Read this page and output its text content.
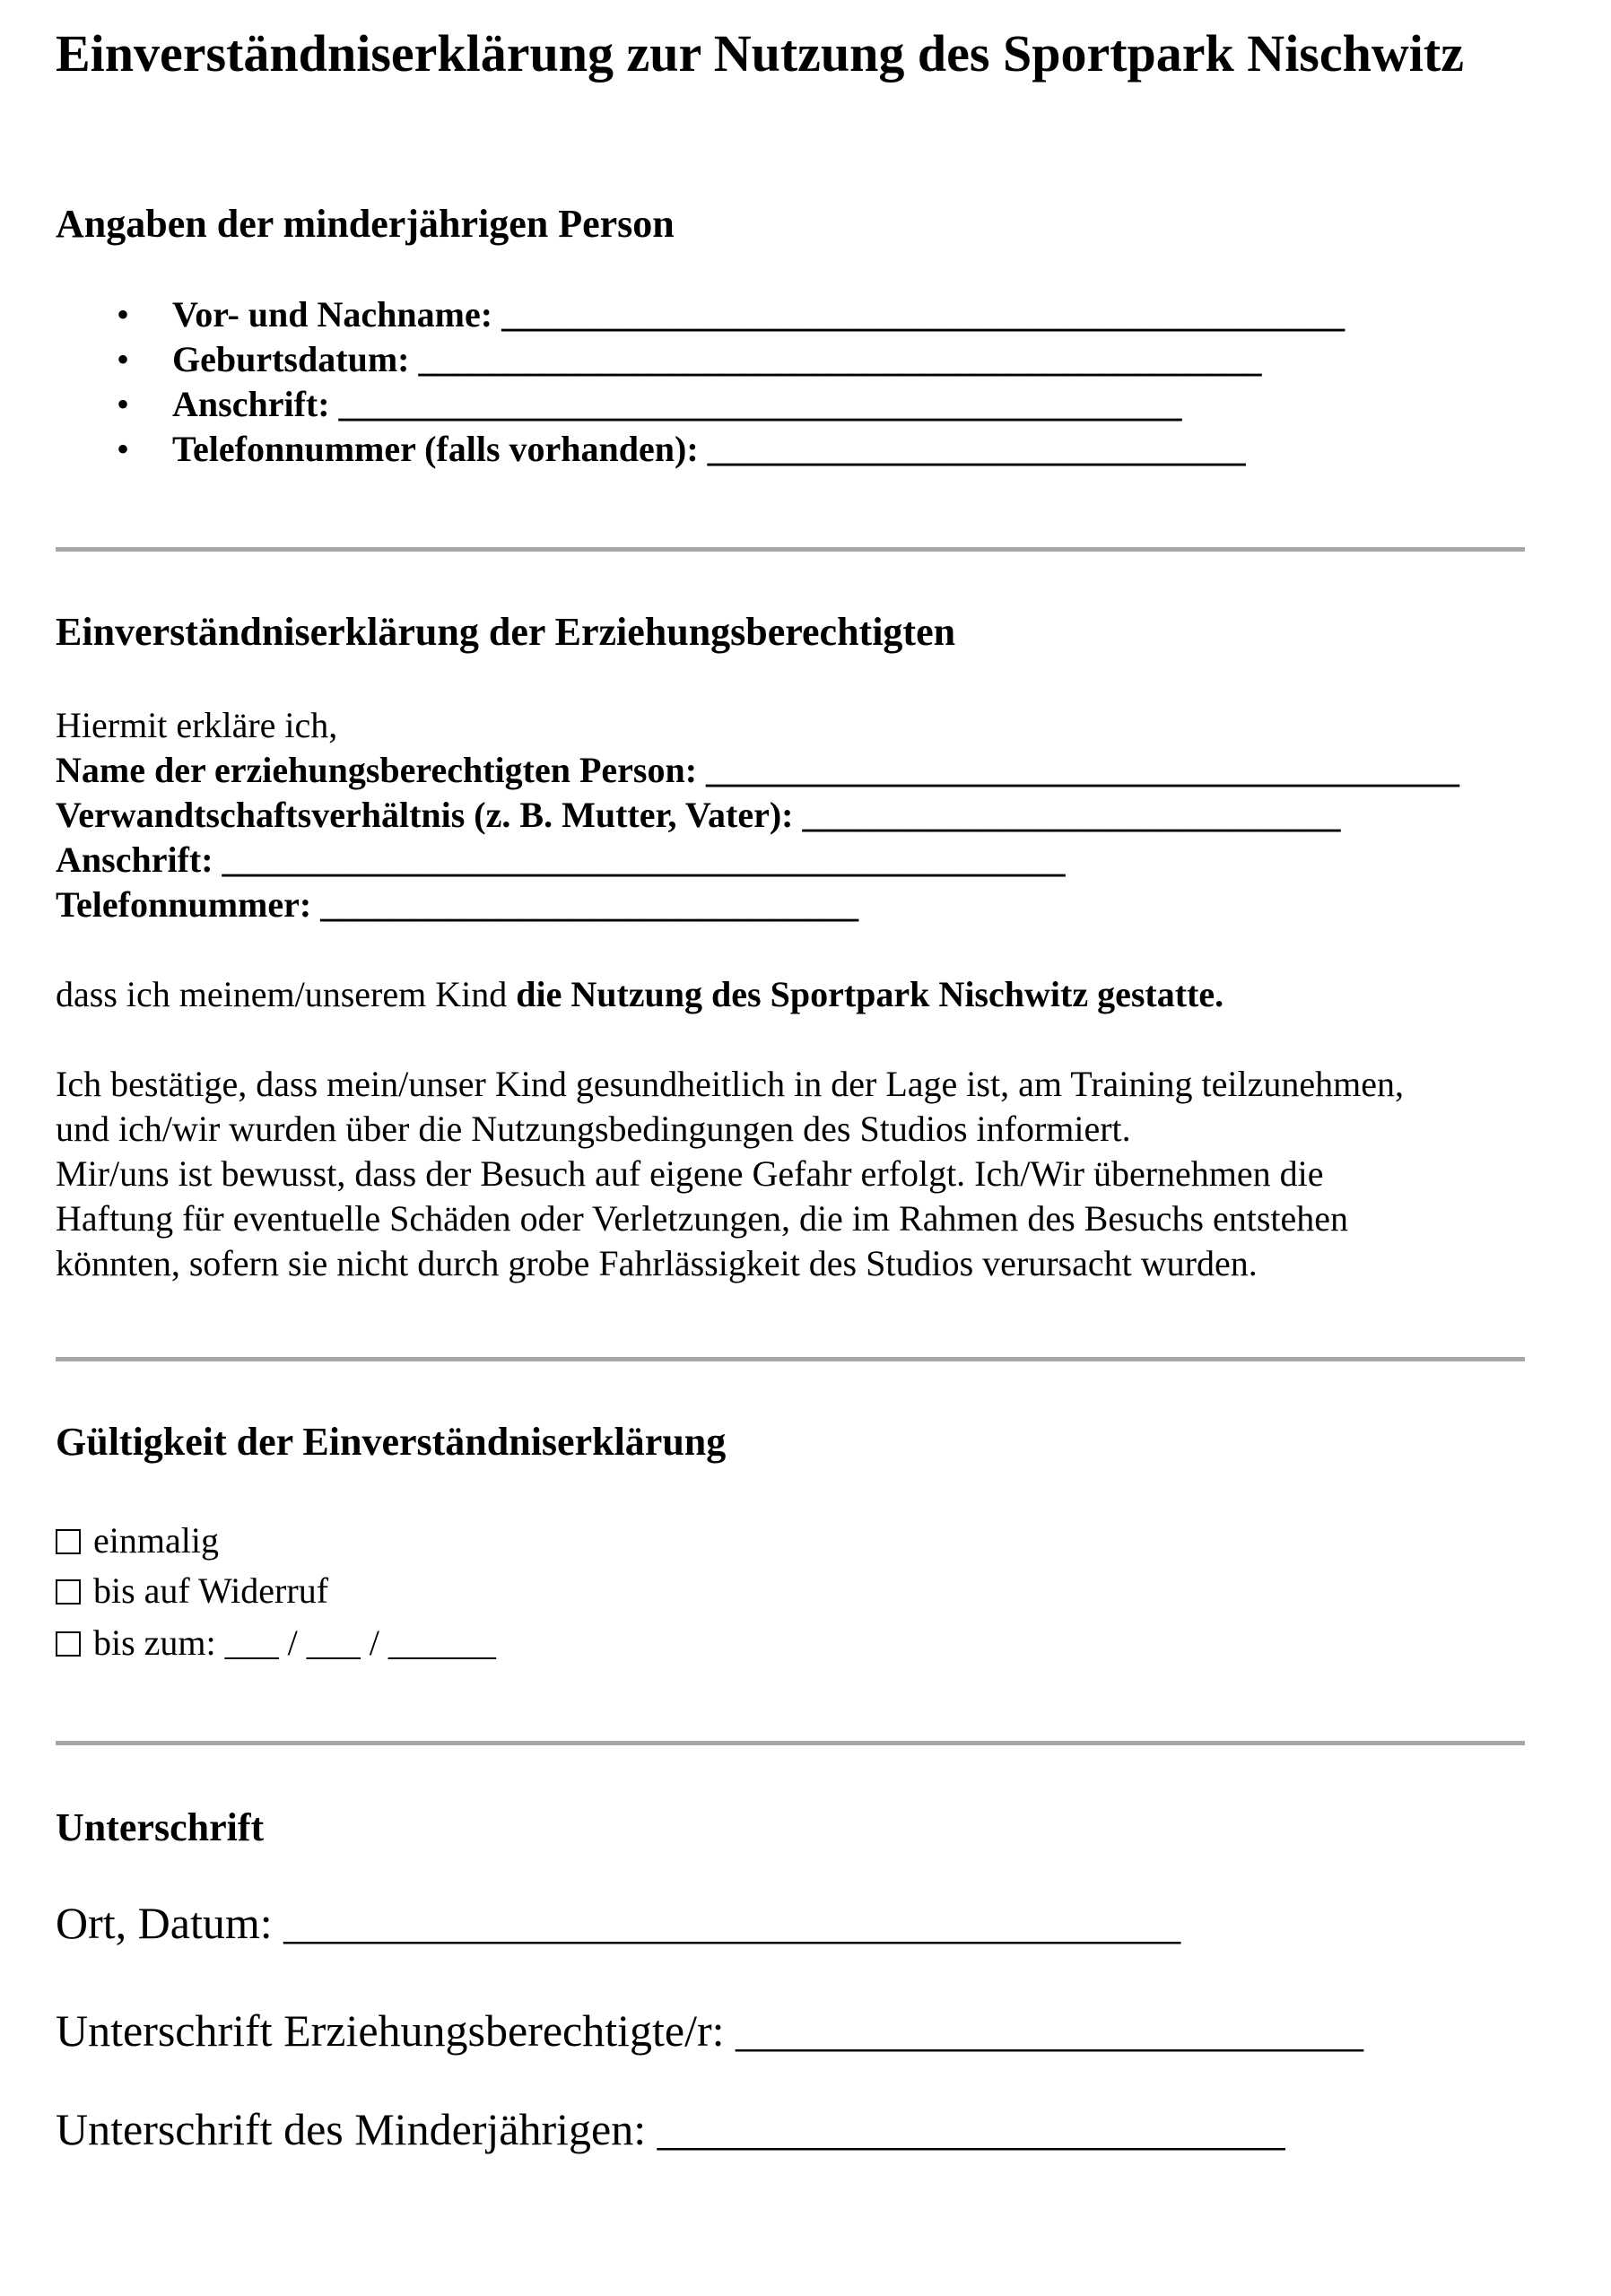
Einverständniserklärung zur Nutzung des Sportpark Nischwitz
Angaben der minderjährigen Person
• Vor- und Nachname: _______________________________________________
• Geburtsdatum: _______________________________________________
• Anschrift: _______________________________________________
• Telefonnummer (falls vorhanden): ______________________________
Einverständniserklärung der Erziehungsberechtigten
Hiermit erkläre ich,
Name der erziehungsberechtigten Person: __________________________________________
Verwandtschaftsverhältnis (z. B. Mutter, Vater): ______________________________
Anschrift: _______________________________________________
Telefonnummer: ______________________________
dass ich meinem/unserem Kind die Nutzung des Sportpark Nischwitz gestatte.
Ich bestätige, dass mein/unser Kind gesundheitlich in der Lage ist, am Training teilzunehmen,
und ich/wir wurden über die Nutzungsbedingungen des Studios informiert.
Mir/uns ist bewusst, dass der Besuch auf eigene Gefahr erfolgt. Ich/Wir übernehmen die
Haftung für eventuelle Schäden oder Verletzungen, die im Rahmen des Besuchs entstehen
könnten, sofern sie nicht durch grobe Fahrlässigkeit des Studios verursacht wurden.
Gültigkeit der Einverständniserklärung
einmalig
bis auf Widerruf
bis zum: ___ / ___ / ______
Unterschrift
Ort, Datum: ________________________________________
Unterschrift Erziehungsberechtigte/r: ____________________________
Unterschrift des Minderjährigen: ____________________________
